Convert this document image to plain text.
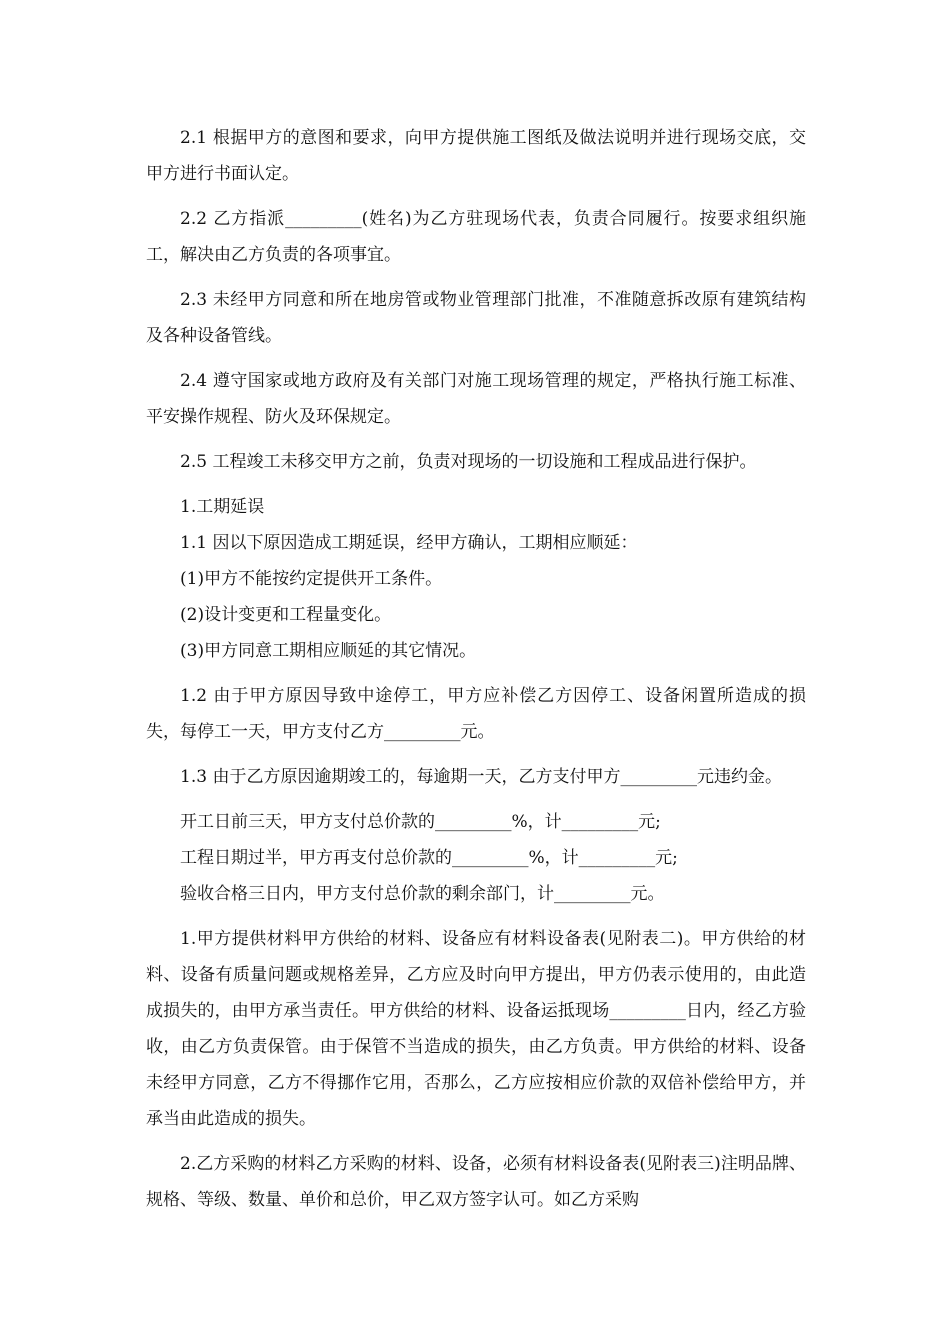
2.1 根据甲方的意图和要求，向甲方提供施工图纸及做法说明并进行现场交底，交甲方进行书面认定。

2.2 乙方指派_________(姓名)为乙方驻现场代表，负责合同履行。按要求组织施工，解决由乙方负责的各项事宜。

2.3 未经甲方同意和所在地房管或物业管理部门批准，不准随意拆改原有建筑结构及各种设备管线。

2.4 遵守国家或地方政府及有关部门对施工现场管理的规定，严格执行施工标准、平安操作规程、防火及环保规定。

2.5 工程竣工未移交甲方之前，负责对现场的一切设施和工程成品进行保护。

1.工期延误

1.1 因以下原因造成工期延误，经甲方确认，工期相应顺延：

(1)甲方不能按约定提供开工条件。

(2)设计变更和工程量变化。

(3)甲方同意工期相应顺延的其它情况。

1.2 由于甲方原因导致中途停工，甲方应补偿乙方因停工、设备闲置所造成的损失，每停工一天，甲方支付乙方_________元。

1.3 由于乙方原因逾期竣工的，每逾期一天，乙方支付甲方_________元违约金。

开工日前三天，甲方支付总价款的_________%，计_________元;

工程日期过半，甲方再支付总价款的_________%，计_________元;

验收合格三日内，甲方支付总价款的剩余部门，计_________元。

1.甲方提供材料甲方供给的材料、设备应有材料设备表(见附表二)。甲方供给的材料、设备有质量问题或规格差异，乙方应及时向甲方提出，甲方仍表示使用的，由此造成损失的，由甲方承当责任。甲方供给的材料、设备运抵现场_________日内，经乙方验收，由乙方负责保管。由于保管不当造成的损失，由乙方负责。甲方供给的材料、设备未经甲方同意，乙方不得挪作它用，否那么，乙方应按相应价款的双倍补偿给甲方，并承当由此造成的损失。

2.乙方采购的材料乙方采购的材料、设备，必须有材料设备表(见附表三)注明品牌、规格、等级、数量、单价和总价，甲乙双方签字认可。如乙方采购
